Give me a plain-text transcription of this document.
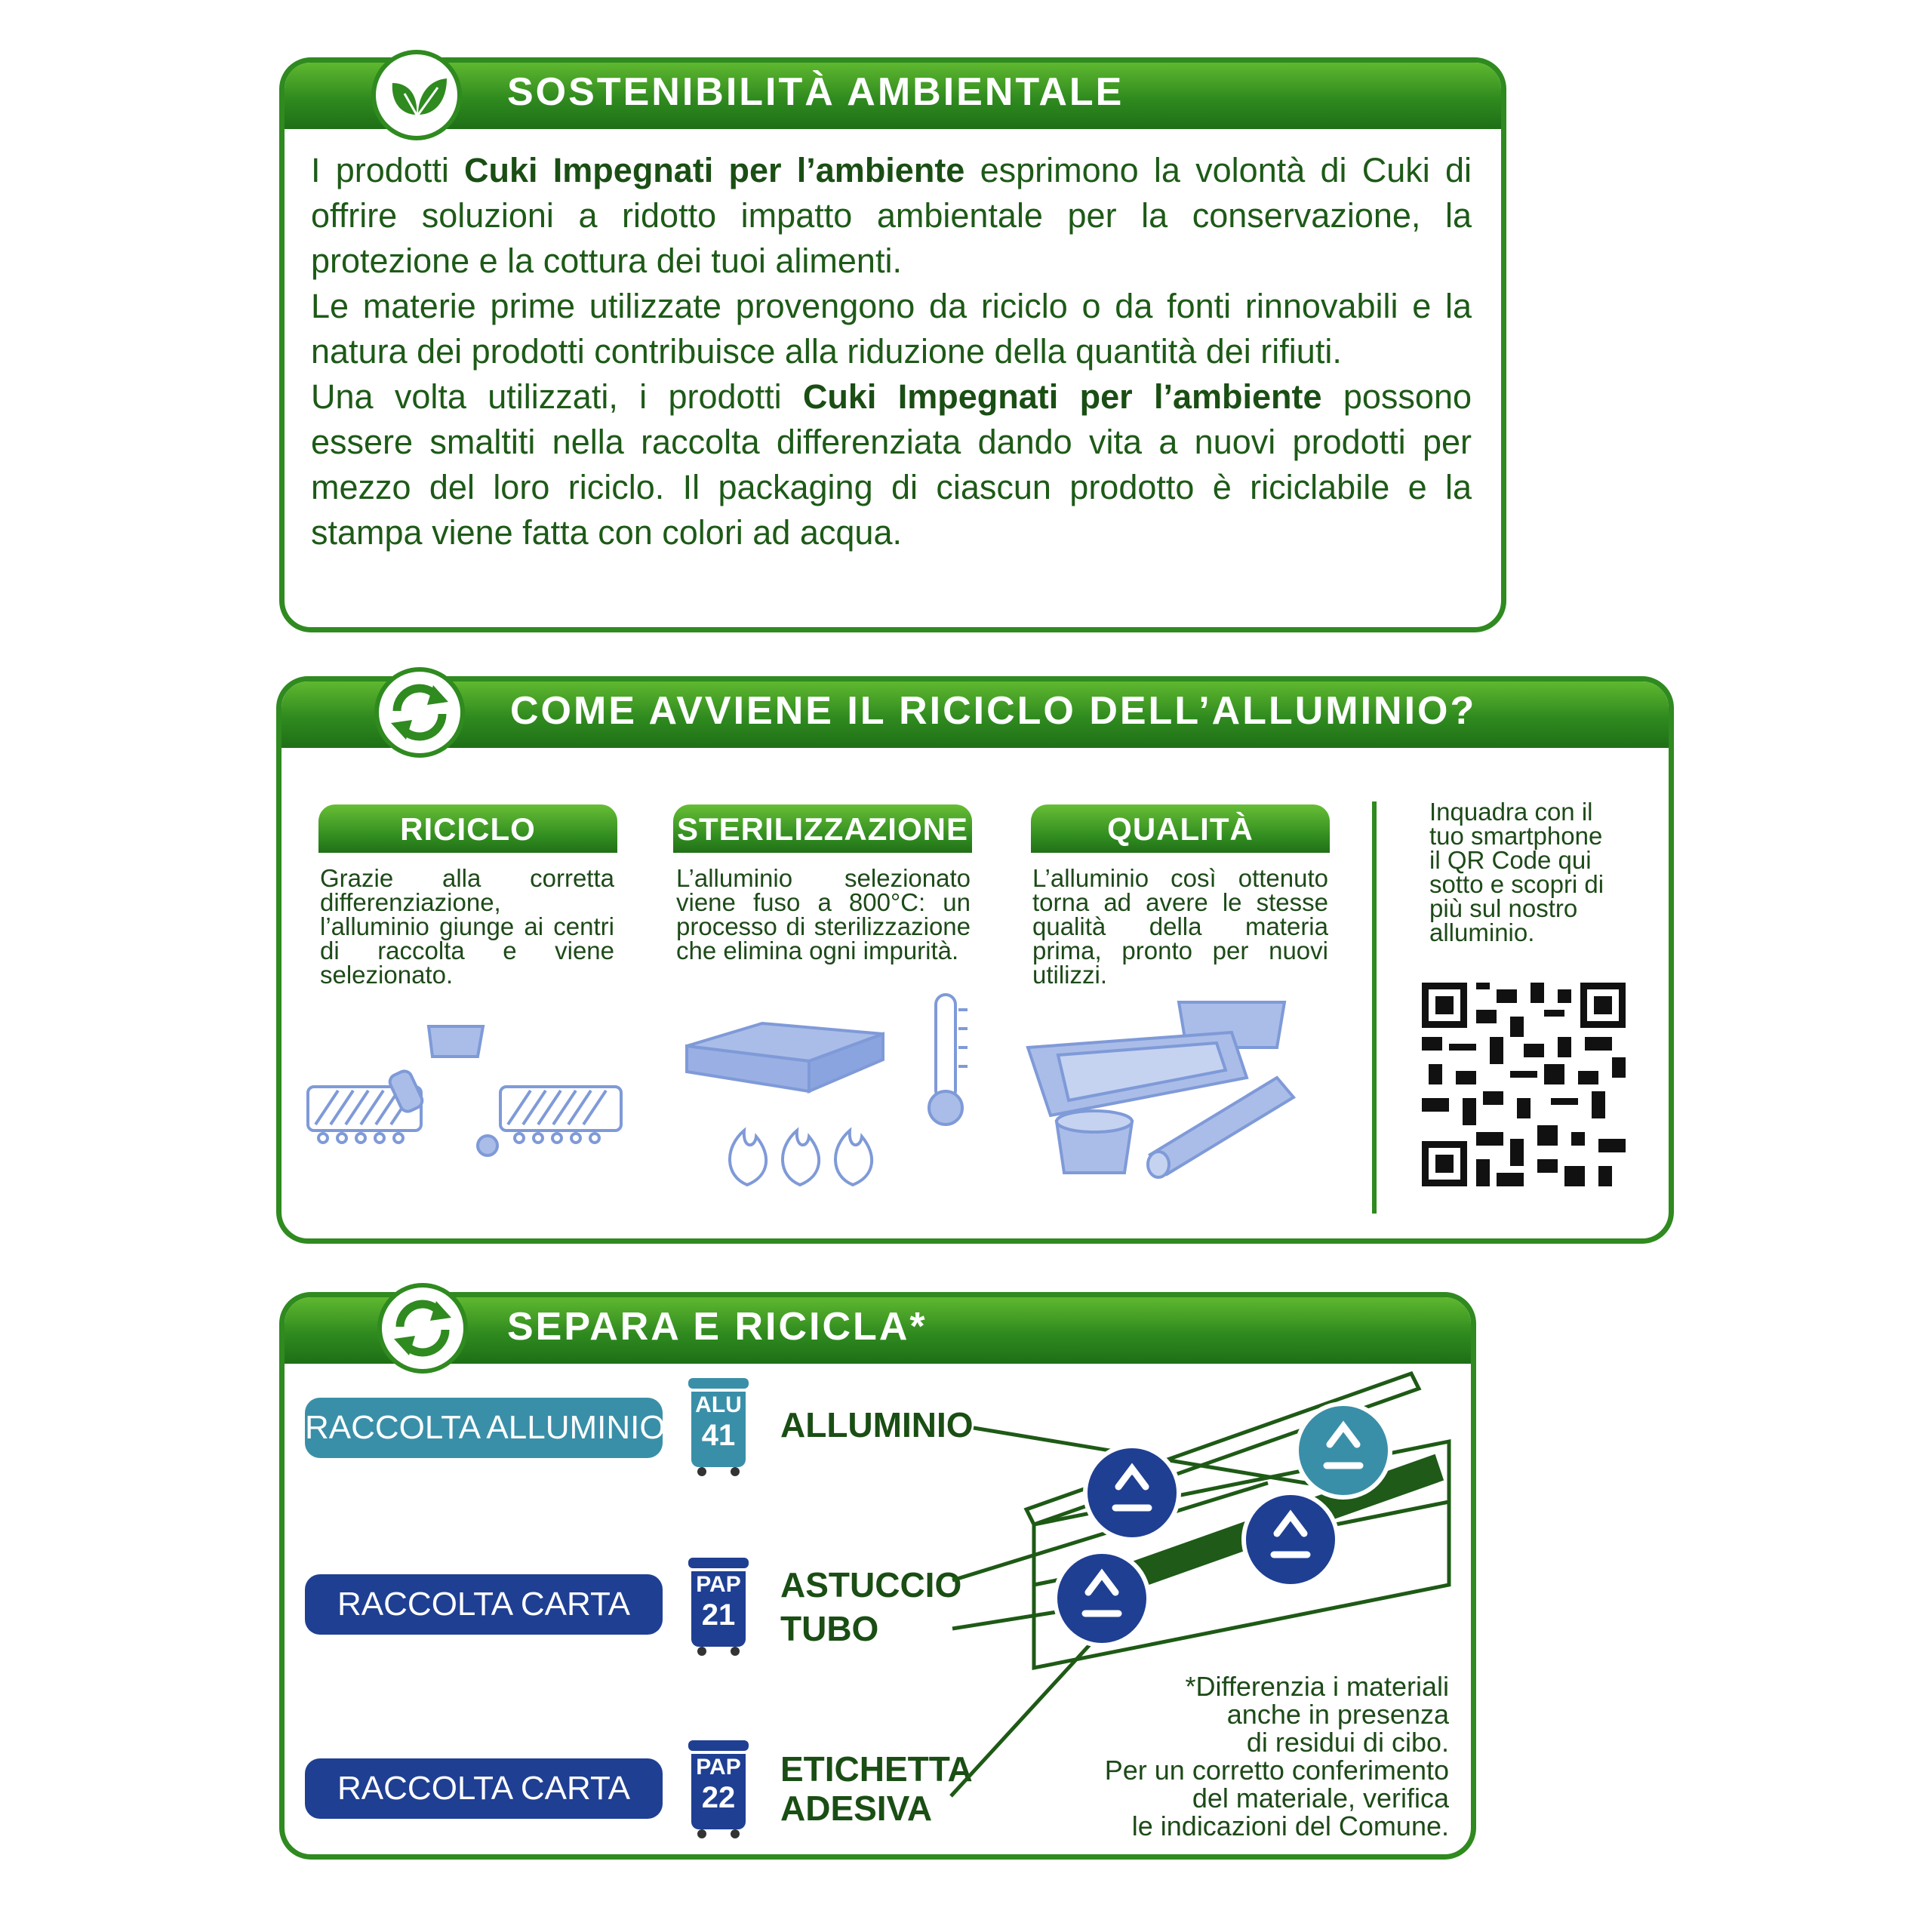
SOSTENIBILITÀ AMBIENTALE
I prodotti Cuki Impegnati per l’ambiente esprimono la volontà di Cuki di offrire soluzioni a ridotto impatto ambientale per la conservazione, la protezione e la cottura dei tuoi alimenti.
Le materie prime utilizzate provengono da riciclo o da fonti rinnovabili e la natura dei prodotti contribuisce alla riduzione della quantità dei rifiuti.
Una volta utilizzati, i prodotti Cuki Impegnati per l’ambiente possono essere smaltiti nella raccolta differenziata dando vita a nuovi prodotti per mezzo del loro riciclo. Il packaging di ciascun prodotto è riciclabile e la stampa viene fatta con colori ad acqua.
COME AVVIENE IL RICICLO DELL’ALLUMINIO?
RICICLO
Grazie alla corretta differenziazione, l’alluminio giunge ai centri di raccolta e viene selezionato.
STERILIZZAZIONE
L’alluminio selezionato viene fuso a 800°C: un processo di sterilizzazione che elimina ogni impurità.
QUALITÀ
L’alluminio così ottenuto torna ad avere le stesse qualità della materia prima, pronto per nuovi utilizzi.
Inquadra con il tuo smartphone il QR Code qui sotto e scopri di più sul nostro alluminio.
SEPARA E RICICLA*
RACCOLTA ALLUMINIO
RACCOLTA CARTA
RACCOLTA CARTA
ALU
41
PAP
21
PAP
22
ALLUMINIO
ASTUCCIO
TUBO
ETICHETTA
ADESIVA
*Differenzia i materiali
anche in presenza
di residui di cibo.
Per un corretto conferimento
del materiale, verifica
le indicazioni del Comune.
